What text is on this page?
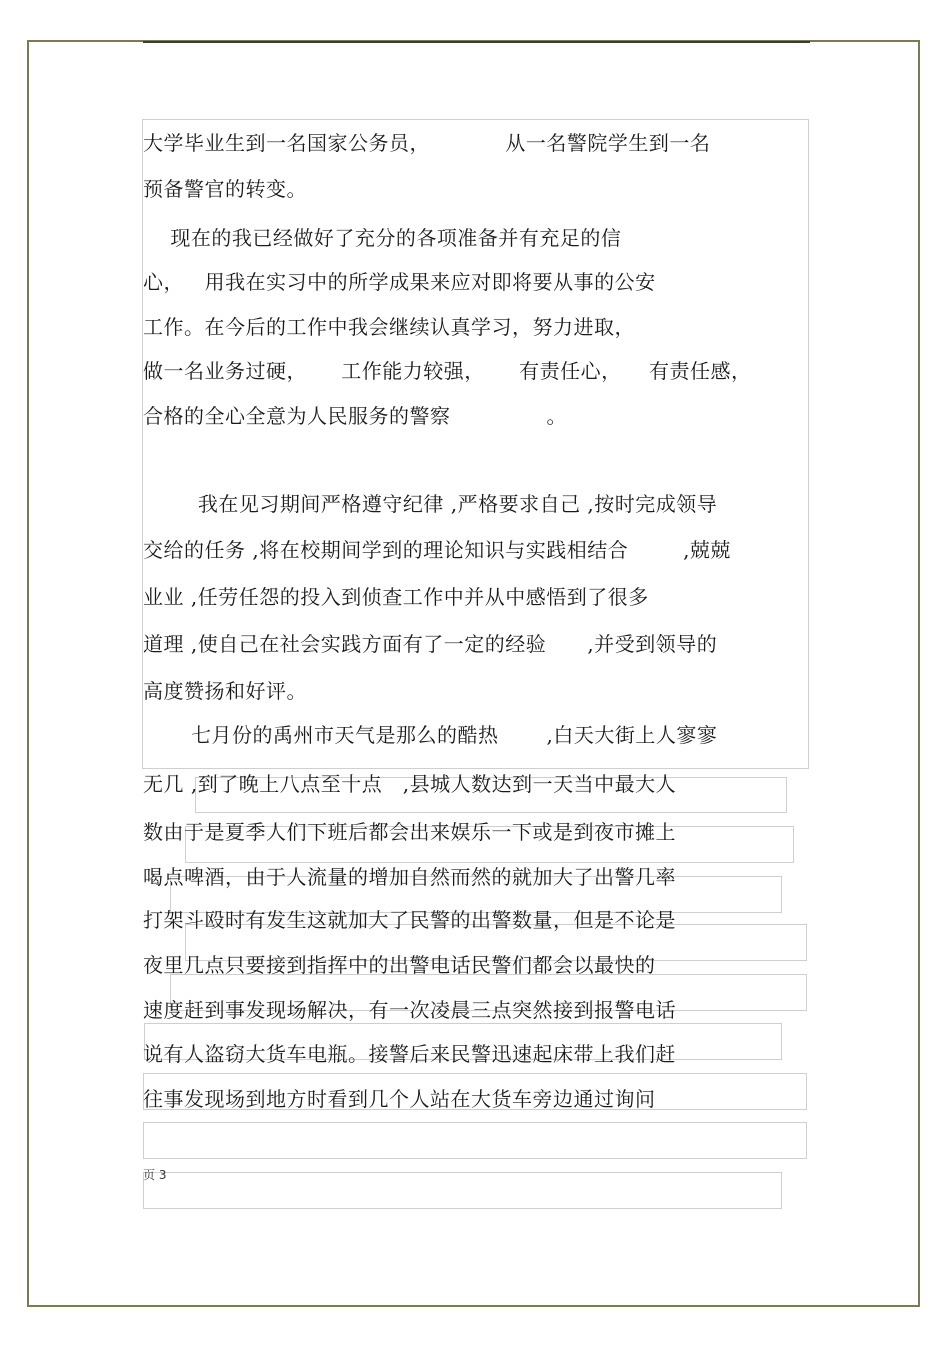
大学毕业生到一名国家公务员，           从一名警院学生到一名
预备警官的转变。
现在的我已经做好了充分的各项准备并有充足的信
心，   用我在实习中的所学成果来应对即将要从事的公安
工作。在今后的工作中我会继续认真学习，努力进取，
做一名业务过硬，     工作能力较强，     有责任心，    有责任感，
合格的全心全意为人民服务的警察              。
我在见习期间严格遵守纪律 ,严格要求自己 ,按时完成领导
交给的任务 ,将在校期间学到的理论知识与实践相结合        ,兢兢
业业 ,任劳任怨的投入到侦查工作中并从中感悟到了很多
道理 ,使自己在社会实践方面有了一定的经验      ,并受到领导的
高度赞扬和好评。
七月份的禹州市天气是那么的酷热       ,白天大街上人寥寥
无几 ,到了晚上八点至十点   ,县城人数达到一天当中最大人
数由于是夏季人们下班后都会出来娱乐一下或是到夜市摊上
喝点啤酒，由于人流量的增加自然而然的就加大了出警几率
打架斗殴时有发生这就加大了民警的出警数量，但是不论是
夜里几点只要接到指挥中的出警电话民警们都会以最快的
速度赶到事发现场解决，有一次凌晨三点突然接到报警电话
说有人盗窃大货车电瓶。接警后来民警迅速起床带上我们赶
往事发现场到地方时看到几个人站在大货车旁边通过询问
页 3
